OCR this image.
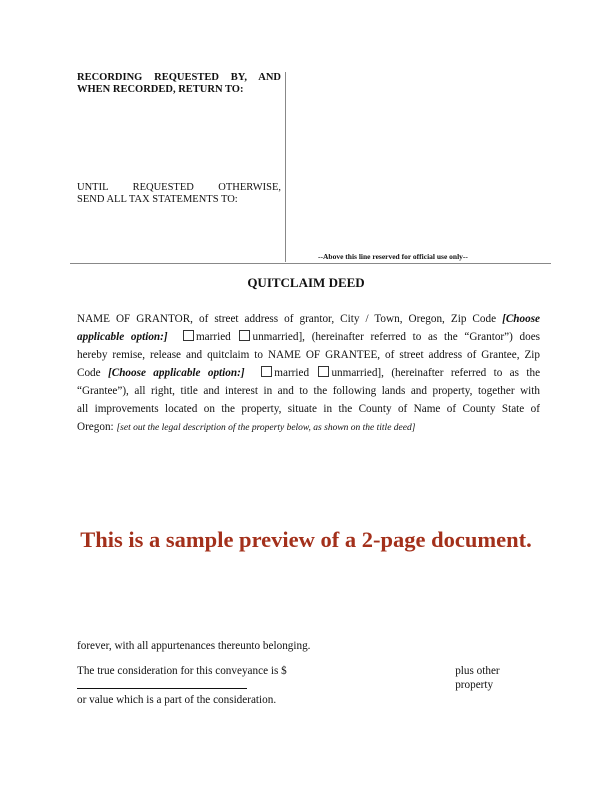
RECORDING REQUESTED BY, AND
WHEN RECORDED, RETURN TO:
UNTIL REQUESTED OTHERWISE,
SEND ALL TAX STATEMENTS TO:
--Above this line reserved for official use only--
QUITCLAIM DEED
NAME OF GRANTOR, of street address of grantor, City / Town, Oregon, Zip Code [Choose
applicable option:]	married unmarried], (hereinafter referred to as the “Grantor”) does
hereby remise, release and quitclaim to NAME OF GRANTEE, of street address of Grantee, Zip
Code [Choose applicable option:]	married unmarried], (hereinafter referred to as the
“Grantee”), all right, title and interest in and to the following lands and property, together with
all improvements located on the property, situate in the County of Name of County State of
Oregon: [set out the legal description of the property below, as shown on the title deed]
This is a sample preview of a 2-page document.
forever, with all appurtenances thereunto belonging.
The true consideration for this conveyance is $	plus other property
or value which is a part of the consideration.
